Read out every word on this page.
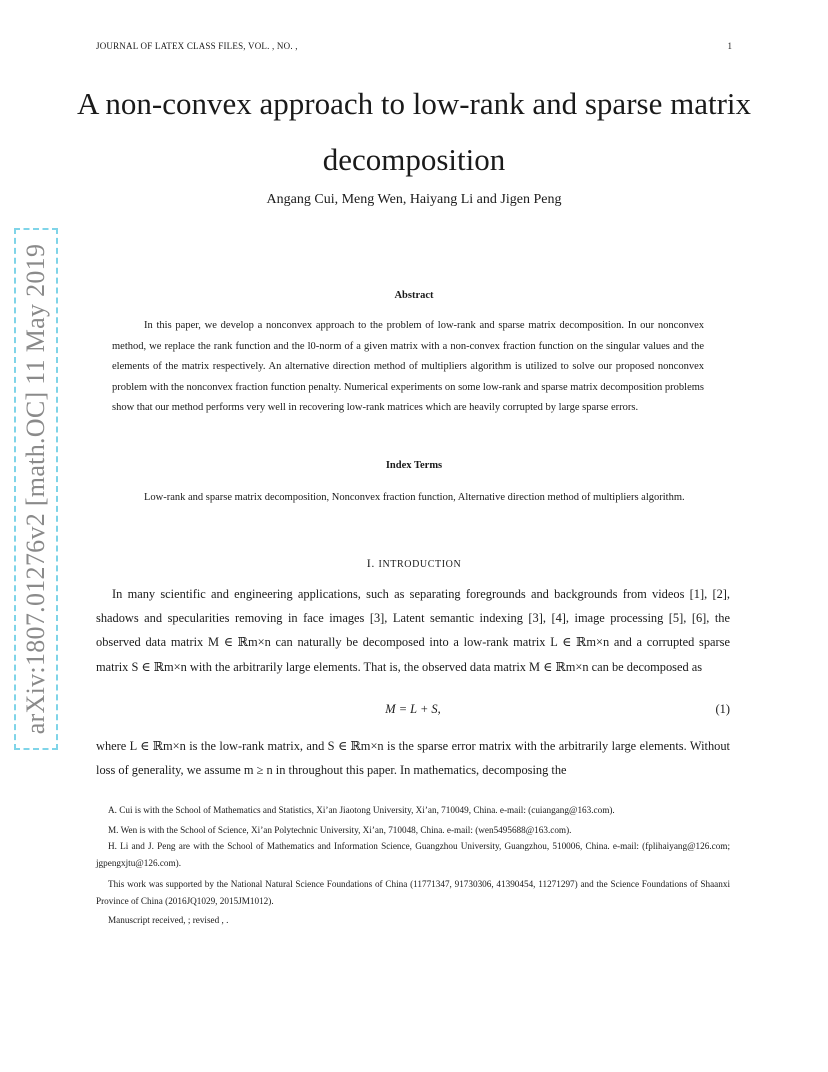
JOURNAL OF LATEX CLASS FILES, VOL. , NO. ,	1
A non-convex approach to low-rank and sparse matrix decomposition
Angang Cui, Meng Wen, Haiyang Li and Jigen Peng
arXiv:1807.01276v2 [math.OC] 11 May 2019	Abstract
In this paper, we develop a nonconvex approach to the problem of low-rank and sparse matrix decomposition. In our nonconvex method, we replace the rank function and the l0-norm of a given matrix with a non-convex fraction function on the singular values and the elements of the matrix respectively. An alternative direction method of multipliers algorithm is utilized to solve our proposed nonconvex problem with the nonconvex fraction function penalty. Numerical experiments on some low-rank and sparse matrix decomposition problems show that our method performs very well in recovering low-rank matrices which are heavily corrupted by large sparse errors.
Index Terms
Low-rank and sparse matrix decomposition, Nonconvex fraction function, Alternative direction method of multipliers algorithm.
I. INTRODUCTION
In many scientific and engineering applications, such as separating foregrounds and backgrounds from videos [1], [2], shadows and specularities removing in face images [3], Latent semantic indexing [3], [4], image processing [5], [6], the observed data matrix M ∈ ℝm×n can naturally be decomposed into a low-rank matrix L ∈ ℝm×n and a corrupted sparse matrix S ∈ ℝm×n with the arbitrarily large elements. That is, the observed data matrix M ∈ ℝm×n can be decomposed as
M = L + S,	(1)
where L ∈ ℝm×n is the low-rank matrix, and S ∈ ℝm×n is the sparse error matrix with the arbitrarily large elements. Without loss of generality, we assume m ≥ n in throughout this paper. In mathematics, decomposing the
A. Cui is with the School of Mathematics and Statistics, Xi’an Jiaotong University, Xi’an, 710049, China. e-mail: (cuiangang@163.com).
M. Wen is with the School of Science, Xi’an Polytechnic University, Xi’an, 710048, China. e-mail: (wen5495688@163.com).
H. Li and J. Peng are with the School of Mathematics and Information Science, Guangzhou University, Guangzhou, 510006, China. e-mail: (fplihaiyang@126.com; jgpengxjtu@126.com).
This work was supported by the National Natural Science Foundations of China (11771347, 91730306, 41390454, 11271297) and the Science Foundations of Shaanxi Province of China (2016JQ1029, 2015JM1012).
Manuscript received, ; revised , .
